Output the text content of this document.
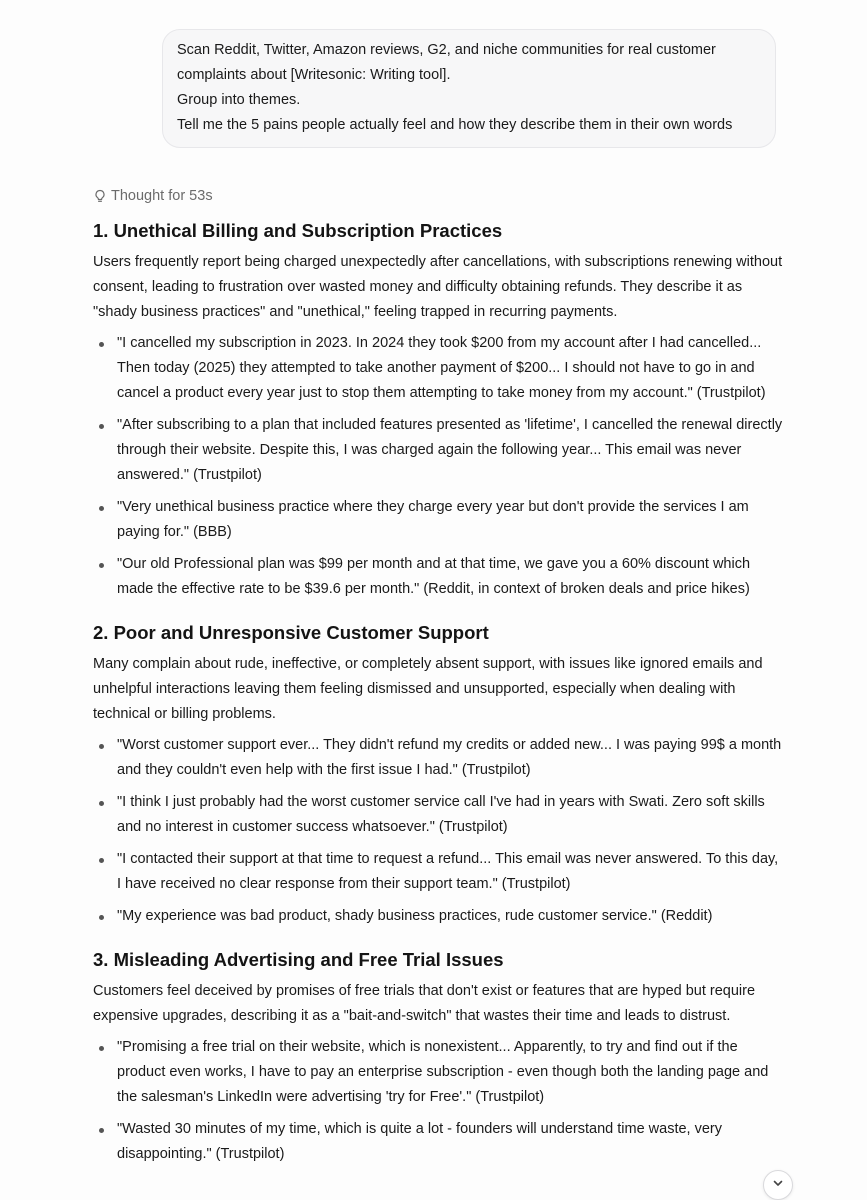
Scan Reddit, Twitter, Amazon reviews, G2, and niche communities for real customer
complaints about [Writesonic: Writing tool].
Group into themes.
Tell me the 5 pains people actually feel and how they describe them in their own words
Thought for 53s
1. Unethical Billing and Subscription Practices

Users frequently report being charged unexpectedly after cancellations, with subscriptions renewing without consent, leading to frustration over wasted money and difficulty obtaining refunds. They describe it as "shady business practices" and "unethical," feeling trapped in recurring payments.

"I cancelled my subscription in 2023. In 2024 they took $200 from my account after I had cancelled... Then today (2025) they attempted to take another payment of $200... I should not have to go in and cancel a product every year just to stop them attempting to take money from my account." (Trustpilot)
"After subscribing to a plan that included features presented as 'lifetime', I cancelled the renewal directly through their website. Despite this, I was charged again the following year... This email was never answered." (Trustpilot)
"Very unethical business practice where they charge every year but don't provide the services I am paying for." (BBB)
"Our old Professional plan was $99 per month and at that time, we gave you a 60% discount which made the effective rate to be $39.6 per month." (Reddit, in context of broken deals and price hikes)
2. Poor and Unresponsive Customer Support

Many complain about rude, ineffective, or completely absent support, with issues like ignored emails and unhelpful interactions leaving them feeling dismissed and unsupported, especially when dealing with technical or billing problems.

"Worst customer support ever... They didn't refund my credits or added new... I was paying 99$ a month and they couldn't even help with the first issue I had." (Trustpilot)
"I think I just probably had the worst customer service call I've had in years with Swati. Zero soft skills and no interest in customer success whatsoever." (Trustpilot)
"I contacted their support at that time to request a refund... This email was never answered. To this day, I have received no clear response from their support team." (Trustpilot)
"My experience was bad product, shady business practices, rude customer service." (Reddit)
3. Misleading Advertising and Free Trial Issues

Customers feel deceived by promises of free trials that don't exist or features that are hyped but require expensive upgrades, describing it as a "bait-and-switch" that wastes their time and leads to distrust.

"Promising a free trial on their website, which is nonexistent... Apparently, to try and find out if the product even works, I have to pay an enterprise subscription - even though both the landing page and the salesman's LinkedIn were advertising 'try for Free'." (Trustpilot)
"Wasted 30 minutes of my time, which is quite a lot - founders will understand time waste, very disappointing." (Trustpilot)
